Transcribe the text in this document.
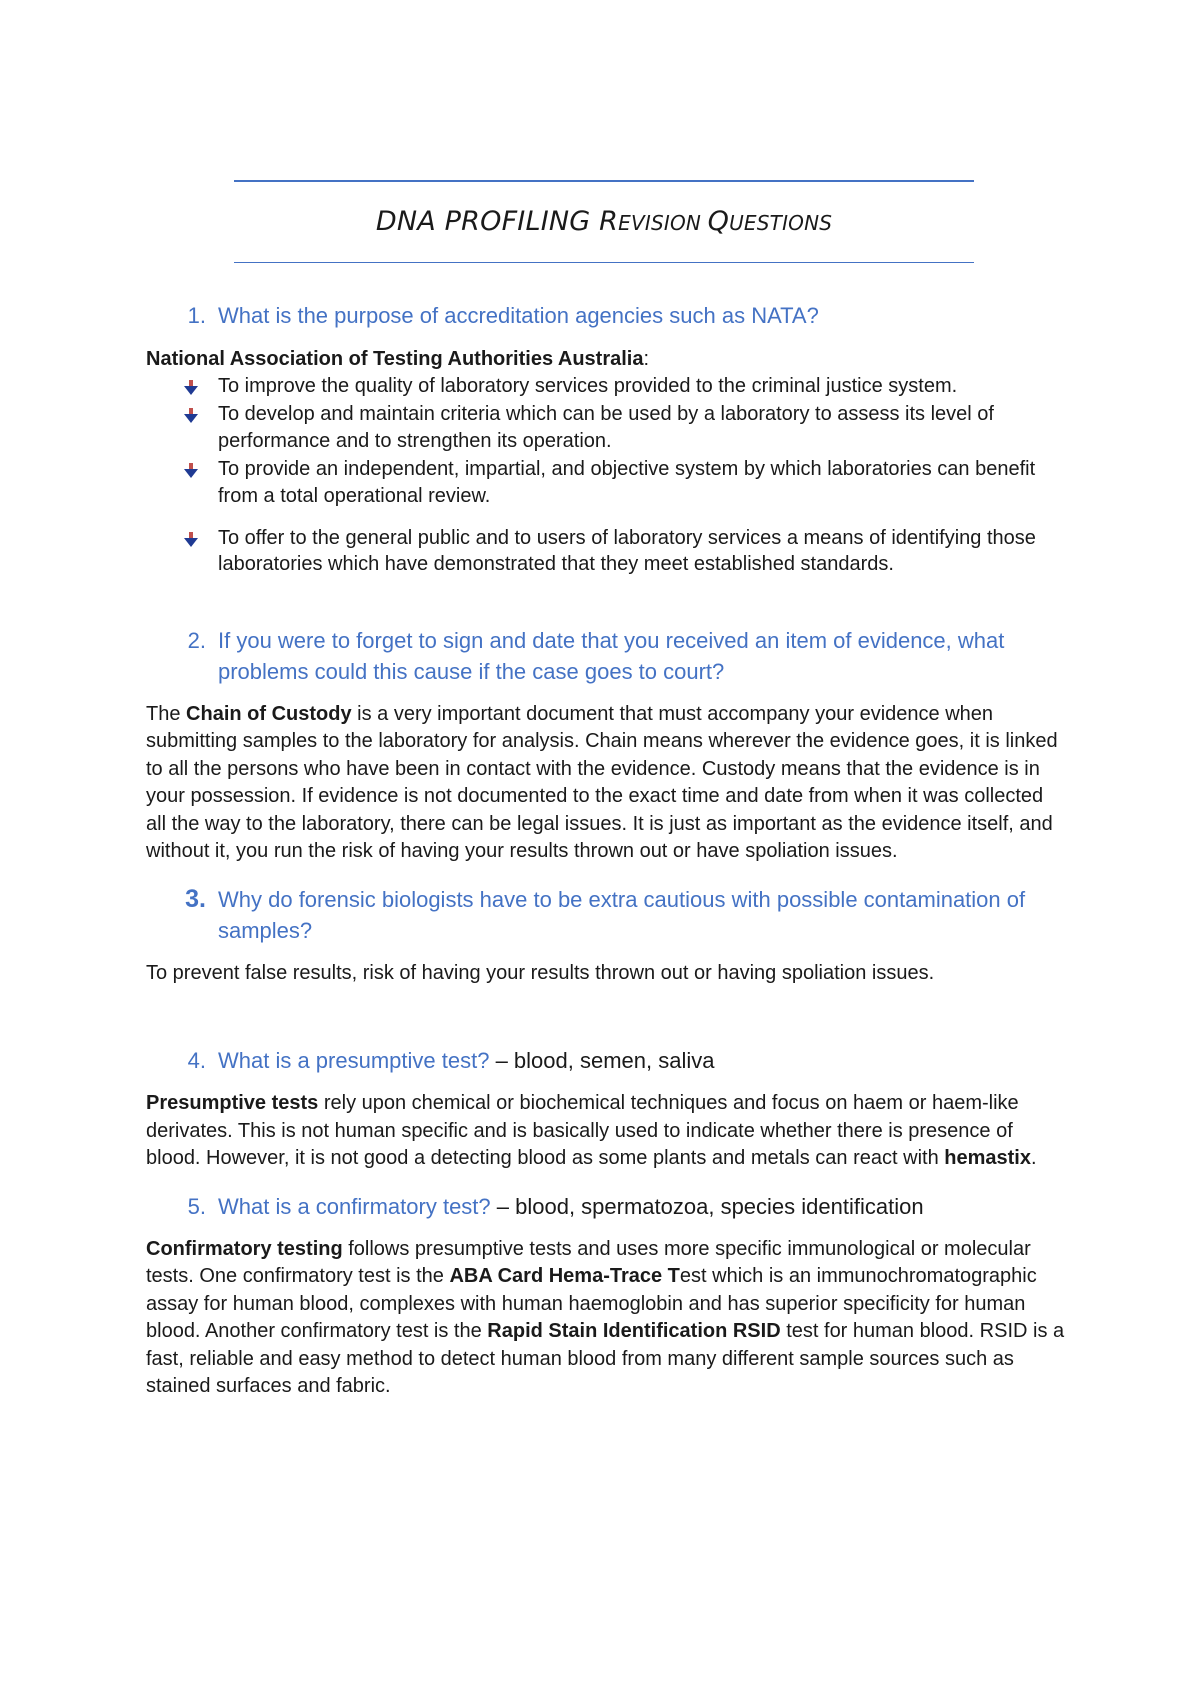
DNA PROFILING REVISION QUESTIONS
1. What is the purpose of accreditation agencies such as NATA?

National Association of Testing Authorities Australia:

To improve the quality of laboratory services provided to the criminal justice system.
To develop and maintain criteria which can be used by a laboratory to assess its level of performance and to strengthen its operation.
To provide an independent, impartial, and objective system by which laboratories can benefit from a total operational review.
To offer to the general public and to users of laboratory services a means of identifying those laboratories which have demonstrated that they meet established standards.
2. If you were to forget to sign and date that you received an item of evidence, what problems could this cause if the case goes to court?

The Chain of Custody is a very important document that must accompany your evidence when submitting samples to the laboratory for analysis. Chain means wherever the evidence goes, it is linked to all the persons who have been in contact with the evidence. Custody means that the evidence is in your possession. If evidence is not documented to the exact time and date from when it was collected all the way to the laboratory, there can be legal issues. It is just as important as the evidence itself, and without it, you run the risk of having your results thrown out or have spoliation issues.

3. Why do forensic biologists have to be extra cautious with possible contamination of samples?

To prevent false results, risk of having your results thrown out or having spoliation issues.

4. What is a presumptive test? – blood, semen, saliva

Presumptive tests rely upon chemical or biochemical techniques and focus on haem or haem-like derivates. This is not human specific and is basically used to indicate whether there is presence of blood. However, it is not good a detecting blood as some plants and metals can react with hemastix.

5. What is a confirmatory test? – blood, spermatozoa, species identification

Confirmatory testing follows presumptive tests and uses more specific immunological or molecular tests. One confirmatory test is the ABA Card Hema-Trace Test which is an immunochromatographic assay for human blood, complexes with human haemoglobin and has superior specificity for human blood. Another confirmatory test is the Rapid Stain Identification RSID test for human blood. RSID is a fast, reliable and easy method to detect human blood from many different sample sources such as stained surfaces and fabric.
